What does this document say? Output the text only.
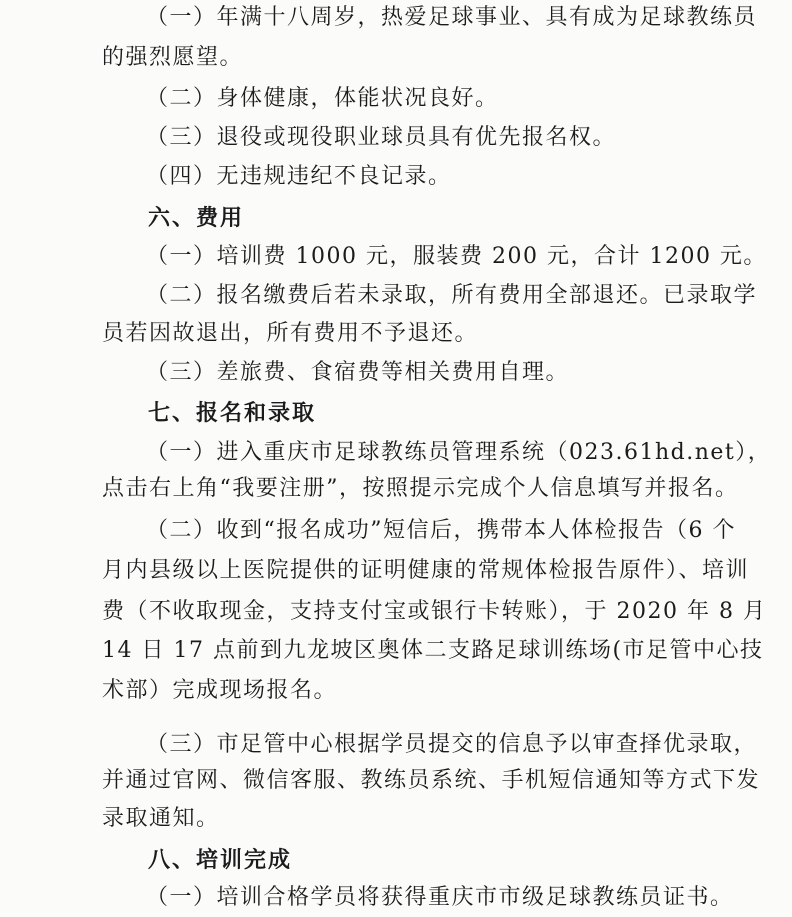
（一）年满十八周岁，热爱足球事业、具有成为足球教练员
的强烈愿望。
（二）身体健康，体能状况良好。
（三）退役或现役职业球员具有优先报名权。
（四）无违规违纪不良记录。
六、费用
（一）培训费 1000 元，服装费 200 元，合计 1200 元。
（二）报名缴费后若未录取，所有费用全部退还。已录取学
员若因故退出，所有费用不予退还。
（三）差旅费、食宿费等相关费用自理。
七、报名和录取
（一）进入重庆市足球教练员管理系统（023.61hd.net），
点击右上角“我要注册”，按照提示完成个人信息填写并报名。
（二）收到“报名成功”短信后，携带本人体检报告（6 个
月内县级以上医院提供的证明健康的常规体检报告原件）、培训
费（不收取现金，支持支付宝或银行卡转账），于 2020 年 8 月
14 日 17 点前到九龙坡区奥体二支路足球训练场(市足管中心技
术部）完成现场报名。
（三）市足管中心根据学员提交的信息予以审查择优录取，
并通过官网、微信客服、教练员系统、手机短信通知等方式下发
录取通知。
八、培训完成
（一）培训合格学员将获得重庆市市级足球教练员证书。
